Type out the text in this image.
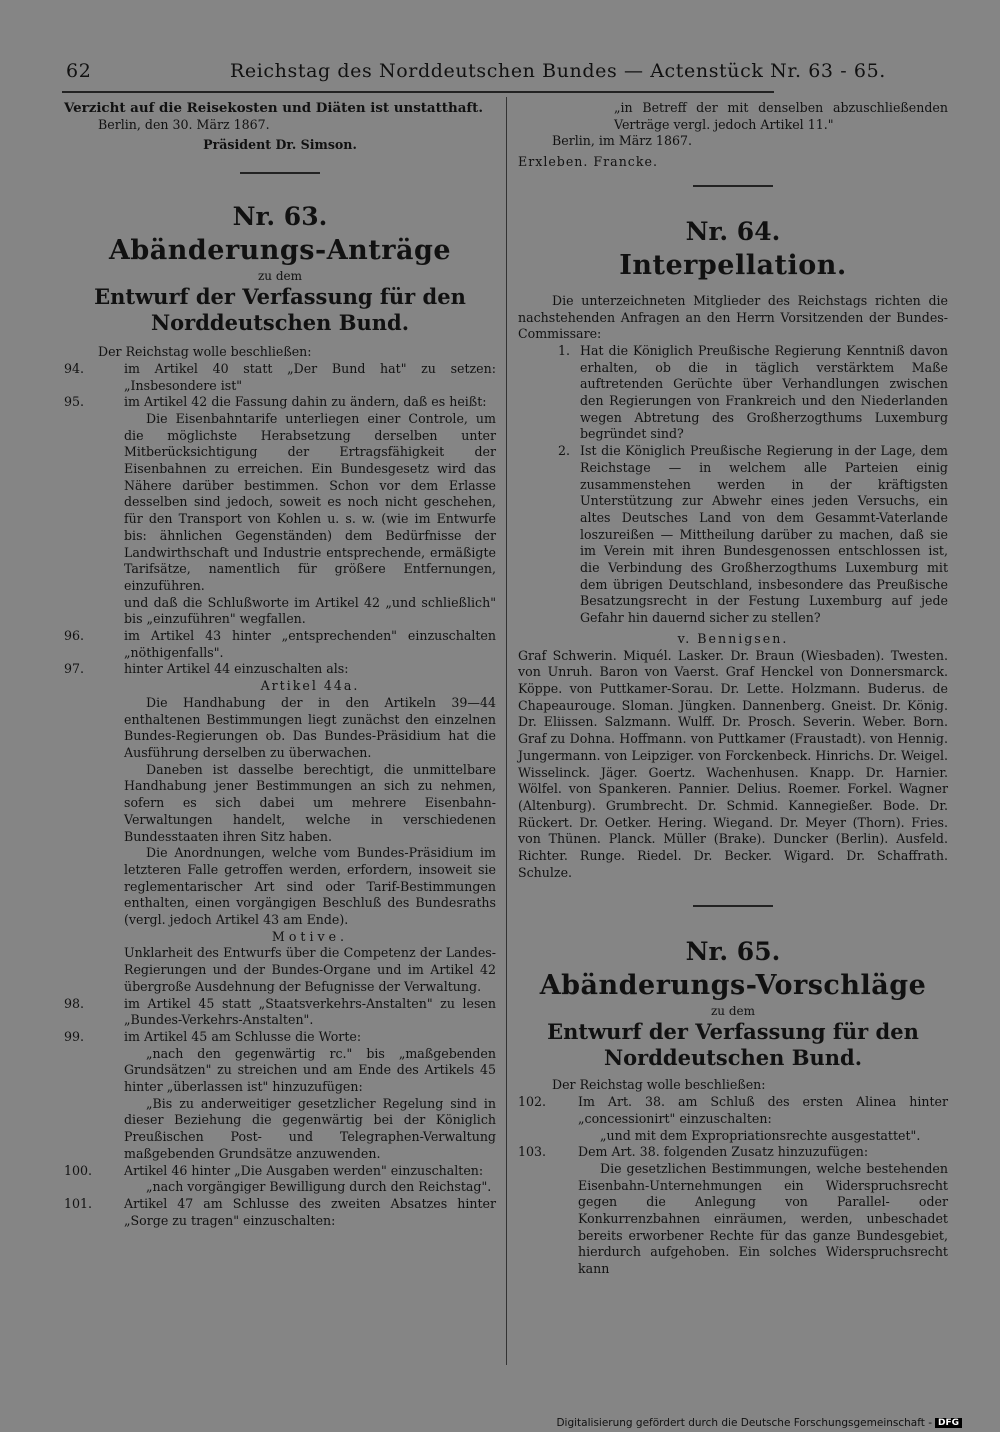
62	Reichstag des Norddeutschen Bundes — Actenstück Nr. 63 - 65.

Verzicht auf die Reisekosten und Diäten ist unstatthaft.

Berlin, den 30. März 1867.

Präsident Dr. Simson.

Nr. 63.
Abänderungs-Anträge
zu dem
Entwurf der Verfassung für den Norddeutschen Bund.

Der Reichstag wolle beschließen:

94.	im Artikel 40 statt „Der Bund hat" zu setzen: „Insbesondere ist"

95.	im Artikel 42 die Fassung dahin zu ändern, daß es heißt:

Die Eisenbahntarife unterliegen einer Controle, um die möglichste Herabsetzung derselben unter Mitberücksichtigung der Ertragsfähigkeit der Eisenbahnen zu erreichen. Ein Bundesgesetz wird das Nähere darüber bestimmen. Schon vor dem Erlasse desselben sind jedoch, soweit es noch nicht geschehen, für den Transport von Kohlen u. s. w. (wie im Entwurfe bis: ähnlichen Gegenständen) dem Bedürfnisse der Landwirthschaft und Industrie entsprechende, ermäßigte Tarifsätze, namentlich für größere Entfernungen, einzuführen.

und daß die Schlußworte im Artikel 42 „und schließlich" bis „einzuführen" wegfallen.

96.	im Artikel 43 hinter „entsprechenden" einzuschalten „nöthigenfalls".

97.	hinter Artikel 44 einzuschalten als:

Artikel 44a.

Die Handhabung der in den Artikeln 39—44 enthaltenen Bestimmungen liegt zunächst den einzelnen Bundes-Regierungen ob. Das Bundes-Präsidium hat die Ausführung derselben zu überwachen.

Daneben ist dasselbe berechtigt, die unmittelbare Handhabung jener Bestimmungen an sich zu nehmen, sofern es sich dabei um mehrere Eisenbahn-Verwaltungen handelt, welche in verschiedenen Bundesstaaten ihren Sitz haben.

Die Anordnungen, welche vom Bundes-Präsidium im letzteren Falle getroffen werden, erfordern, insoweit sie reglementarischer Art sind oder Tarif-Bestimmungen enthalten, einen vorgängigen Beschluß des Bundesraths (vergl. jedoch Artikel 43 am Ende).

Motive.

Unklarheit des Entwurfs über die Competenz der Landes-Regierungen und der Bundes-Organe und im Artikel 42 übergroße Ausdehnung der Befugnisse der Verwaltung.

98.	im Artikel 45 statt „Staatsverkehrs-Anstalten" zu lesen „Bundes-Verkehrs-Anstalten".

99.	im Artikel 45 am Schlusse die Worte:

„nach den gegenwärtig rc." bis „maßgebenden Grundsätzen" zu streichen und am Ende des Artikels 45 hinter „überlassen ist" hinzuzufügen:

„Bis zu anderweitiger gesetzlicher Regelung sind in dieser Beziehung die gegenwärtig bei der Königlich Preußischen Post- und Telegraphen-Verwaltung maßgebenden Grundsätze anzuwenden.

100.	Artikel 46 hinter „Die Ausgaben werden" einzuschalten:

„nach vorgängiger Bewilligung durch den Reichstag".

101.	Artikel 47 am Schlusse des zweiten Absatzes hinter „Sorge zu tragen" einzuschalten:

„in Betreff der mit denselben abzuschließenden Verträge vergl. jedoch Artikel 11."

Berlin, im März 1867.

Erxleben. Francke.

Nr. 64.
Interpellation.

Die unterzeichneten Mitglieder des Reichstags richten die nachstehenden Anfragen an den Herrn Vorsitzenden der Bundes-Commissare:

1. Hat die Königlich Preußische Regierung Kenntniß davon erhalten, ob die in täglich verstärktem Maße auftretenden Gerüchte über Verhandlungen zwischen den Regierungen von Frankreich und den Niederlanden wegen Abtretung des Großherzogthums Luxemburg begründet sind?

2. Ist die Königlich Preußische Regierung in der Lage, dem Reichstage — in welchem alle Parteien einig zusammenstehen werden in der kräftigsten Unterstützung zur Abwehr eines jeden Versuchs, ein altes Deutsches Land von dem Gesammt-Vaterlande loszureißen — Mittheilung darüber zu machen, daß sie im Verein mit ihren Bundesgenossen entschlossen ist, die Verbindung des Großherzogthums Luxemburg mit dem übrigen Deutschland, insbesondere das Preußische Besatzungsrecht in der Festung Luxemburg auf jede Gefahr hin dauernd sicher zu stellen?

v. Bennigsen.

Graf Schwerin. Miquél. Lasker. Dr. Braun (Wiesbaden). Twesten. von Unruh. Baron von Vaerst. Graf Henckel von Donnersmarck. Köppe. von Puttkamer-Sorau. Dr. Lette. Holzmann. Buderus. de Chapeaurouge. Sloman. Jüngken. Dannenberg. Gneist. Dr. König. Dr. Eliissen. Salzmann. Wulff. Dr. Prosch. Severin. Weber. Born. Graf zu Dohna. Hoffmann. von Puttkamer (Fraustadt). von Hennig. Jungermann. von Leipziger. von Forckenbeck. Hinrichs. Dr. Weigel. Wisselinck. Jäger. Goertz. Wachenhusen. Knapp. Dr. Harnier. Wölfel. von Spankeren. Pannier. Delius. Roemer. Forkel. Wagner (Altenburg). Grumbrecht. Dr. Schmid. Kannegießer. Bode. Dr. Rückert. Dr. Oetker. Hering. Wiegand. Dr. Meyer (Thorn). Fries. von Thünen. Planck. Müller (Brake). Duncker (Berlin). Ausfeld. Richter. Runge. Riedel. Dr. Becker. Wigard. Dr. Schaffrath. Schulze.

Nr. 65.
Abänderungs-Vorschläge
zu dem
Entwurf der Verfassung für den Norddeutschen Bund.

Der Reichstag wolle beschließen:

102.	Im Art. 38. am Schluß des ersten Alinea hinter „concessionirt" einzuschalten:

„und mit dem Expropriationsrechte ausgestattet".

103.	Dem Art. 38. folgenden Zusatz hinzuzufügen:

Die gesetzlichen Bestimmungen, welche bestehenden Eisenbahn-Unternehmungen ein Widerspruchsrecht gegen die Anlegung von Parallel- oder Konkurrenzbahnen einräumen, werden, unbeschadet bereits erworbener Rechte für das ganze Bundesgebiet, hierdurch aufgehoben. Ein solches Widerspruchsrecht kann

Digitalisierung gefördert durch die Deutsche Forschungsgemeinschaft - DFG
